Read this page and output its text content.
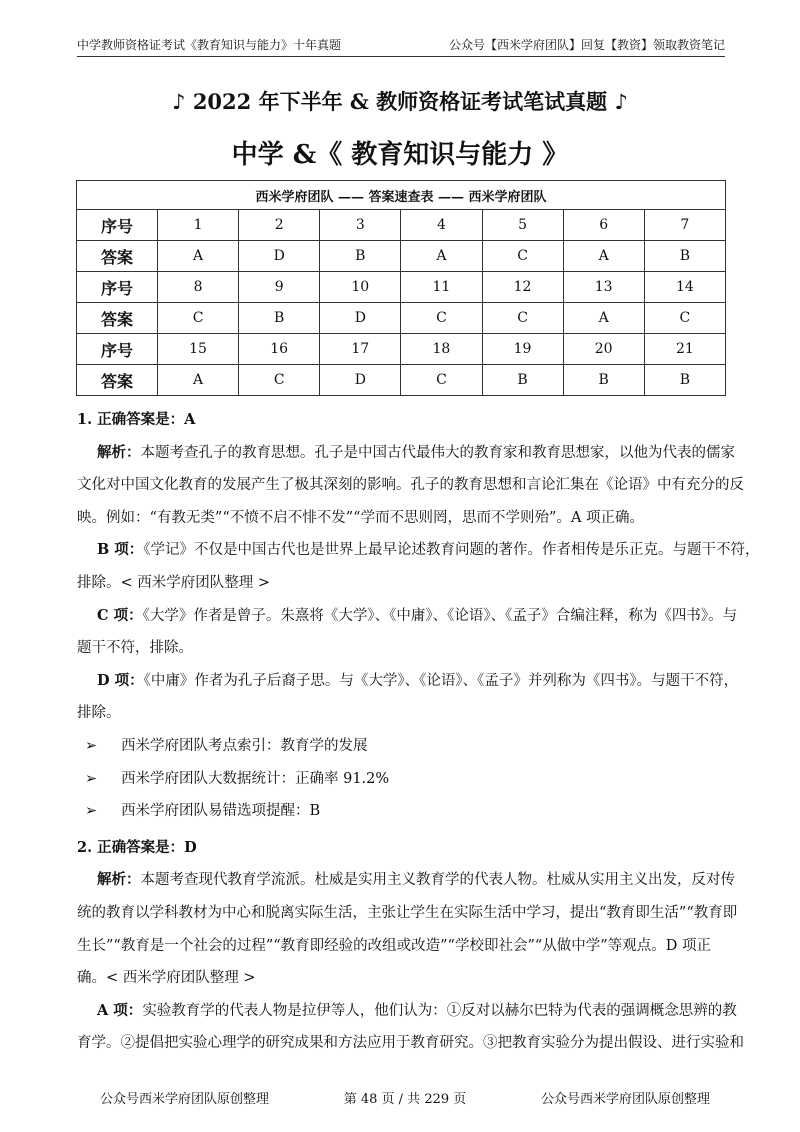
中学教师资格证考试《教育知识与能力》十年真题	公众号【西米学府团队】回复【教资】领取教资笔记
♪ 2022 年下半年 & 教师资格证考试笔试真题 ♪
中学 &《 教育知识与能力 》
西米学府团队 —— 答案速查表 —— 西米学府团队							
序号	1	2	3	4	5	6	7
答案	A	D	B	A	C	A	B
序号	8	9	10	11	12	13	14
答案	C	B	D	C	C	A	C
序号	15	16	17	18	19	20	21
答案	A	C	D	C	B	B	B
1. 正确答案是：A
解析：本题考查孔子的教育思想。孔子是中国古代最伟大的教育家和教育思想家，以他为代表的儒家
文化对中国文化教育的发展产生了极其深刻的影响。孔子的教育思想和言论汇集在《论语》中有充分的反
映。例如：“有教无类”“不愤不启不悱不发”“学而不思则罔，思而不学则殆”。A 项正确。
B 项：《学记》不仅是中国古代也是世界上最早论述教育问题的著作。作者相传是乐正克。与题干不符，
排除。< 西米学府团队整理 >
C 项：《大学》作者是曾子。朱熹将《大学》、《中庸》、《论语》、《孟子》合编注释，称为《四书》。与
题干不符，排除。
D 项：《中庸》作者为孔子后裔子思。与《大学》、《论语》、《孟子》并列称为《四书》。与题干不符，
排除。
➢ 西米学府团队考点索引：教育学的发展
➢ 西米学府团队大数据统计：正确率 91.2%
➢ 西米学府团队易错选项提醒：B
2. 正确答案是：D
解析：本题考查现代教育学流派。杜威是实用主义教育学的代表人物。杜威从实用主义出发，反对传
统的教育以学科教材为中心和脱离实际生活，主张让学生在实际生活中学习，提出“教育即生活”“教育即
生长”“教育是一个社会的过程”“教育即经验的改组或改造”“学校即社会”“从做中学”等观点。D 项正
确。< 西米学府团队整理 >
A 项：实验教育学的代表人物是拉伊等人，他们认为：①反对以赫尔巴特为代表的强调概念思辨的教
育学。②提倡把实验心理学的研究成果和方法应用于教育研究。③把教育实验分为提出假设、进行实验和
公众号西米学府团队原创整理	第 48 页 / 共 229 页	公众号西米学府团队原创整理
